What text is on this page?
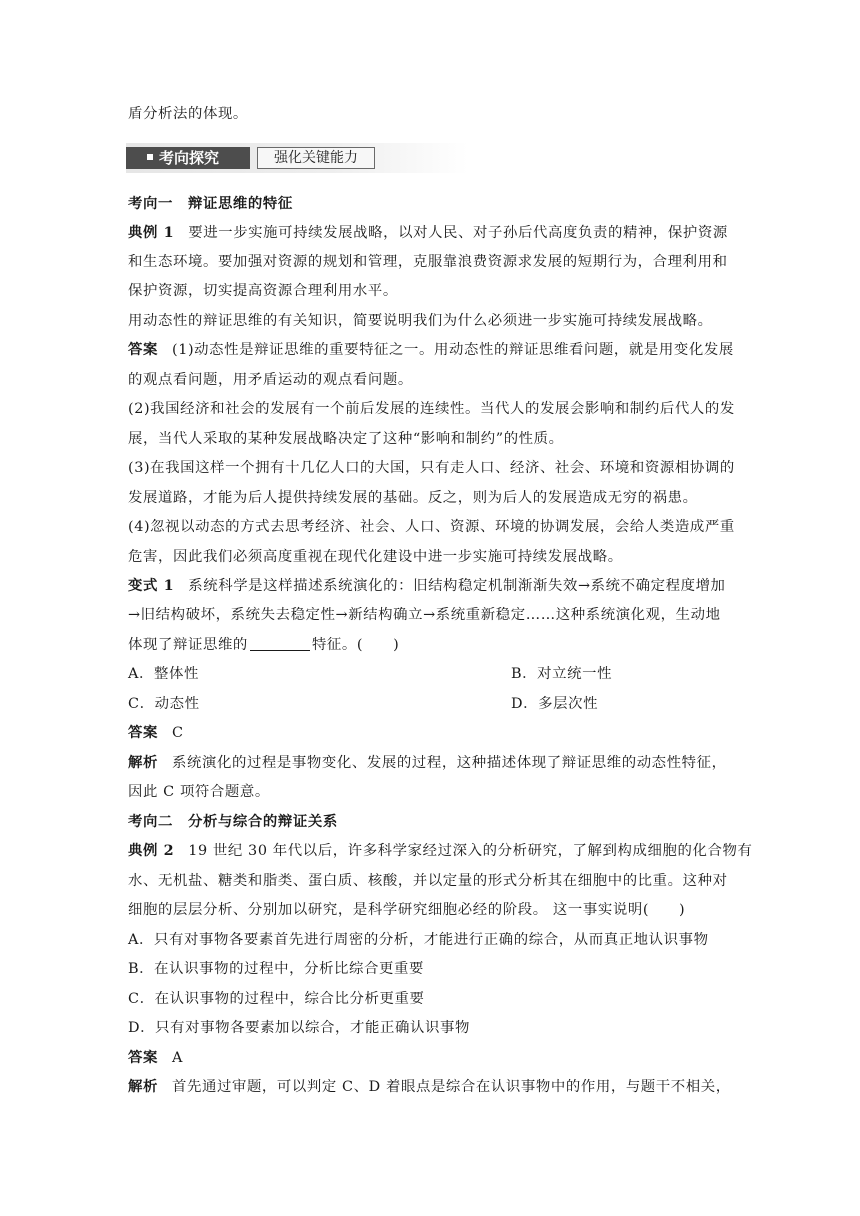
盾分析法的体现。
考向探究	强化关键能力
考向一　辩证思维的特征
典例 1 要进一步实施可持续发展战略，以对人民、对子孙后代高度负责的精神，保护资源
和生态环境。要加强对资源的规划和管理，克服靠浪费资源求发展的短期行为，合理利用和
保护资源，切实提高资源合理利用水平。
用动态性的辩证思维的有关知识，简要说明我们为什么必须进一步实施可持续发展战略。
答案 (1)动态性是辩证思维的重要特征之一。用动态性的辩证思维看问题，就是用变化发展
的观点看问题，用矛盾运动的观点看问题。
(2)我国经济和社会的发展有一个前后发展的连续性。当代人的发展会影响和制约后代人的发
展，当代人采取的某种发展战略决定了这种“影响和制约”的性质。
(3)在我国这样一个拥有十几亿人口的大国，只有走人口、经济、社会、环境和资源相协调的
发展道路，才能为后人提供持续发展的基础。反之，则为后人的发展造成无穷的祸患。
(4)忽视以动态的方式去思考经济、社会、人口、资源、环境的协调发展，会给人类造成严重
危害，因此我们必须高度重视在现代化建设中进一步实施可持续发展战略。
变式 1 系统科学是这样描述系统演化的：旧结构稳定机制渐渐失效→系统不确定程度增加
→旧结构破坏，系统失去稳定性→新结构确立→系统重新稳定……这种系统演化观，生动地
体现了辩证思维的	特征。(　　)
A．整体性	B．对立统一性
C．动态性	D．多层次性
答案 C
解析 系统演化的过程是事物变化、发展的过程，这种描述体现了辩证思维的动态性特征，
因此 C 项符合题意。
考向二　分析与综合的辩证关系
典例 2 19 世纪 30 年代以后，许多科学家经过深入的分析研究，了解到构成细胞的化合物有
水、无机盐、糖类和脂类、蛋白质、核酸，并以定量的形式分析其在细胞中的比重。这种对
细胞的层层分析、分别加以研究，是科学研究细胞必经的阶段。 这一事实说明(　　)
A．只有对事物各要素首先进行周密的分析，才能进行正确的综合，从而真正地认识事物
B．在认识事物的过程中，分析比综合更重要
C．在认识事物的过程中，综合比分析更重要
D．只有对事物各要素加以综合，才能正确认识事物
答案 A
解析 首先通过审题，可以判定 C、D 着眼点是综合在认识事物中的作用，与题干不相关，
